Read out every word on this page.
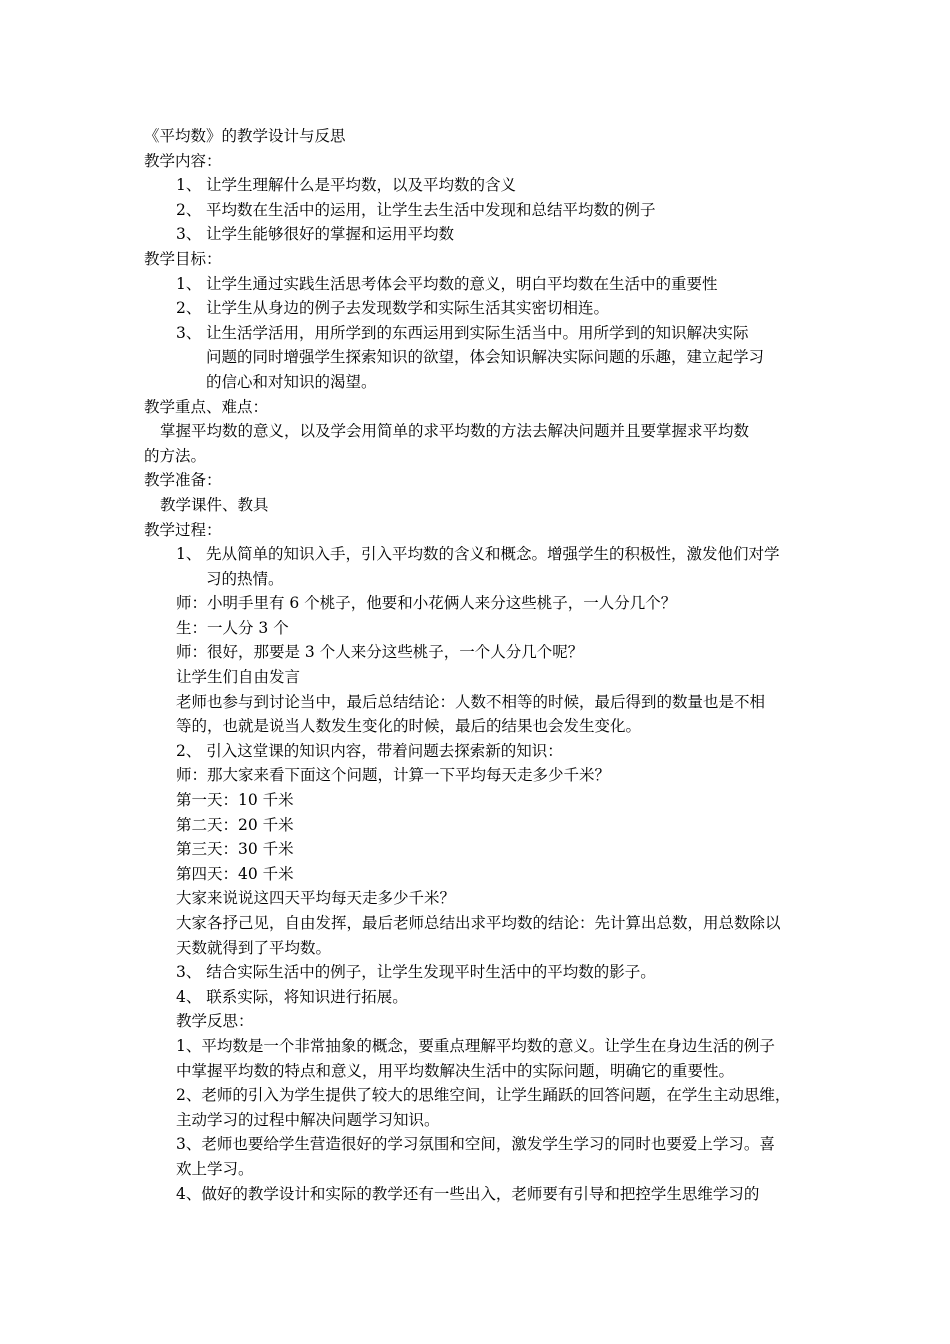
《平均数》的教学设计与反思
教学内容：
1、 让学生理解什么是平均数，以及平均数的含义
2、 平均数在生活中的运用，让学生去生活中发现和总结平均数的例子
3、 让学生能够很好的掌握和运用平均数
教学目标：
1、 让学生通过实践生活思考体会平均数的意义，明白平均数在生活中的重要性
2、 让学生从身边的例子去发现数学和实际生活其实密切相连。
3、 让生活学活用，用所学到的东西运用到实际生活当中。用所学到的知识解决实际
问题的同时增强学生探索知识的欲望，体会知识解决实际问题的乐趣，建立起学习
的信心和对知识的渴望。
教学重点、难点：
掌握平均数的意义，以及学会用简单的求平均数的方法去解决问题并且要掌握求平均数
的方法。
教学准备：
教学课件、教具
教学过程：
1、 先从简单的知识入手，引入平均数的含义和概念。增强学生的积极性，激发他们对学
习的热情。
师：小明手里有 6 个桃子，他要和小花俩人来分这些桃子，一人分几个？
生：一人分 3 个
师：很好，那要是 3 个人来分这些桃子，一个人分几个呢？
让学生们自由发言
老师也参与到讨论当中，最后总结结论：人数不相等的时候，最后得到的数量也是不相
等的，也就是说当人数发生变化的时候，最后的结果也会发生变化。
2、 引入这堂课的知识内容，带着问题去探索新的知识：
师：那大家来看下面这个问题，计算一下平均每天走多少千米？
第一天：10 千米
第二天：20 千米
第三天：30 千米
第四天：40 千米
大家来说说这四天平均每天走多少千米？
大家各抒己见，自由发挥，最后老师总结出求平均数的结论：先计算出总数，用总数除以
天数就得到了平均数。
3、 结合实际生活中的例子，让学生发现平时生活中的平均数的影子。
4、 联系实际，将知识进行拓展。
教学反思：
1、平均数是一个非常抽象的概念，要重点理解平均数的意义。让学生在身边生活的例子
中掌握平均数的特点和意义，用平均数解决生活中的实际问题，明确它的重要性。
2、老师的引入为学生提供了较大的思维空间，让学生踊跃的回答问题，在学生主动思维，
主动学习的过程中解决问题学习知识。
3、老师也要给学生营造很好的学习氛围和空间，激发学生学习的同时也要爱上学习。喜
欢上学习。
4、做好的教学设计和实际的教学还有一些出入，老师要有引导和把控学生思维学习的
